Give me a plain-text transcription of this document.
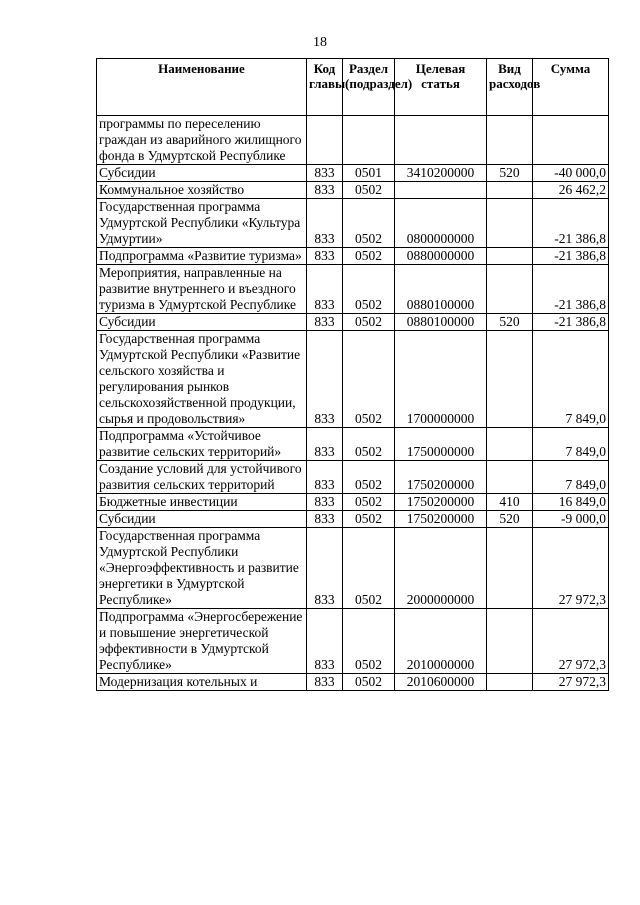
18
Наименование	Код главы	Раздел (подраздел)	Целевая статья	Вид расходов	Сумма
программы по переселению граждан из аварийного жилищного фонда в Удмуртской Республике					
Субсидии	833	0501	3410200000	520	-40 000,0
Коммунальное хозяйство	833	0502			26 462,2
Государственная программа Удмуртской Республики «Культура Удмуртии»	833	0502	0800000000		-21 386,8
Подпрограмма «Развитие туризма»	833	0502	0880000000		-21 386,8
Мероприятия, направленные на развитие внутреннего и въездного туризма в Удмуртской Республике	833	0502	0880100000		-21 386,8
Субсидии	833	0502	0880100000	520	-21 386,8
Государственная программа Удмуртской Республики «Развитие сельского хозяйства и регулирования рынков сельскохозяйственной продукции, сырья и продовольствия»	833	0502	1700000000		7 849,0
Подпрограмма «Устойчивое развитие сельских территорий»	833	0502	1750000000		7 849,0
Создание условий для устойчивого развития сельских территорий	833	0502	1750200000		7 849,0
Бюджетные инвестиции	833	0502	1750200000	410	16 849,0
Субсидии	833	0502	1750200000	520	-9 000,0
Государственная программа Удмуртской Республики «Энергоэффективность и развитие энергетики в Удмуртской Республике»	833	0502	2000000000		27 972,3
Подпрограмма «Энергосбережение и повышение энергетической эффективности в Удмуртской Республике»	833	0502	2010000000		27 972,3
Модернизация котельных и	833	0502	2010600000		27 972,3
